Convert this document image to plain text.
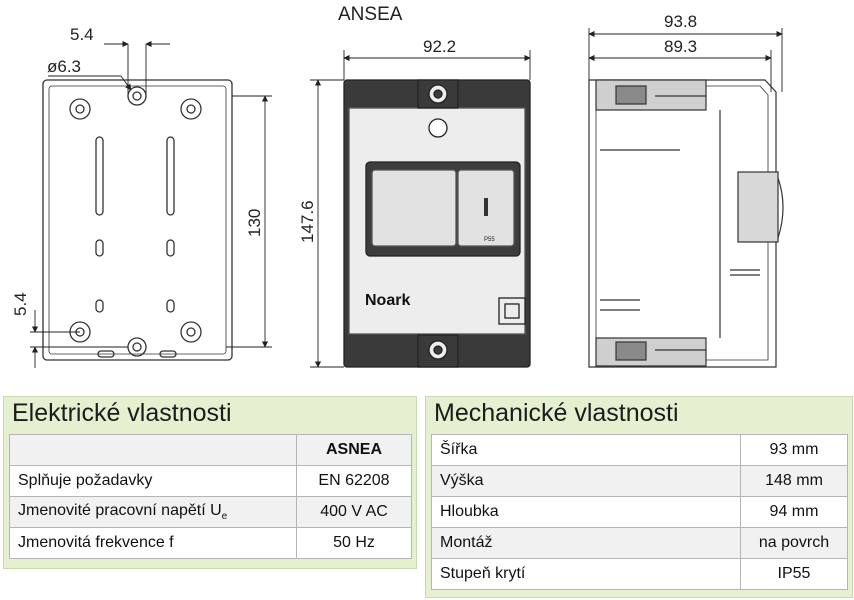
ANSEA
5.4
ø6.3
130
5.4
P55
Noark
92.2
147.6
93.8
89.3
Elektrické vlastnosti
	ASNEA
Splňuje požadavky	EN 62208
Jmenovité pracovní napětí $U_e$	400 V AC
Jmenovitá frekvence f	50 Hz
Mechanické vlastnosti
Šířka	93 mm
Výška	148 mm
Hloubka	94 mm
Montáž	na povrch
Stupeň krytí	IP55
